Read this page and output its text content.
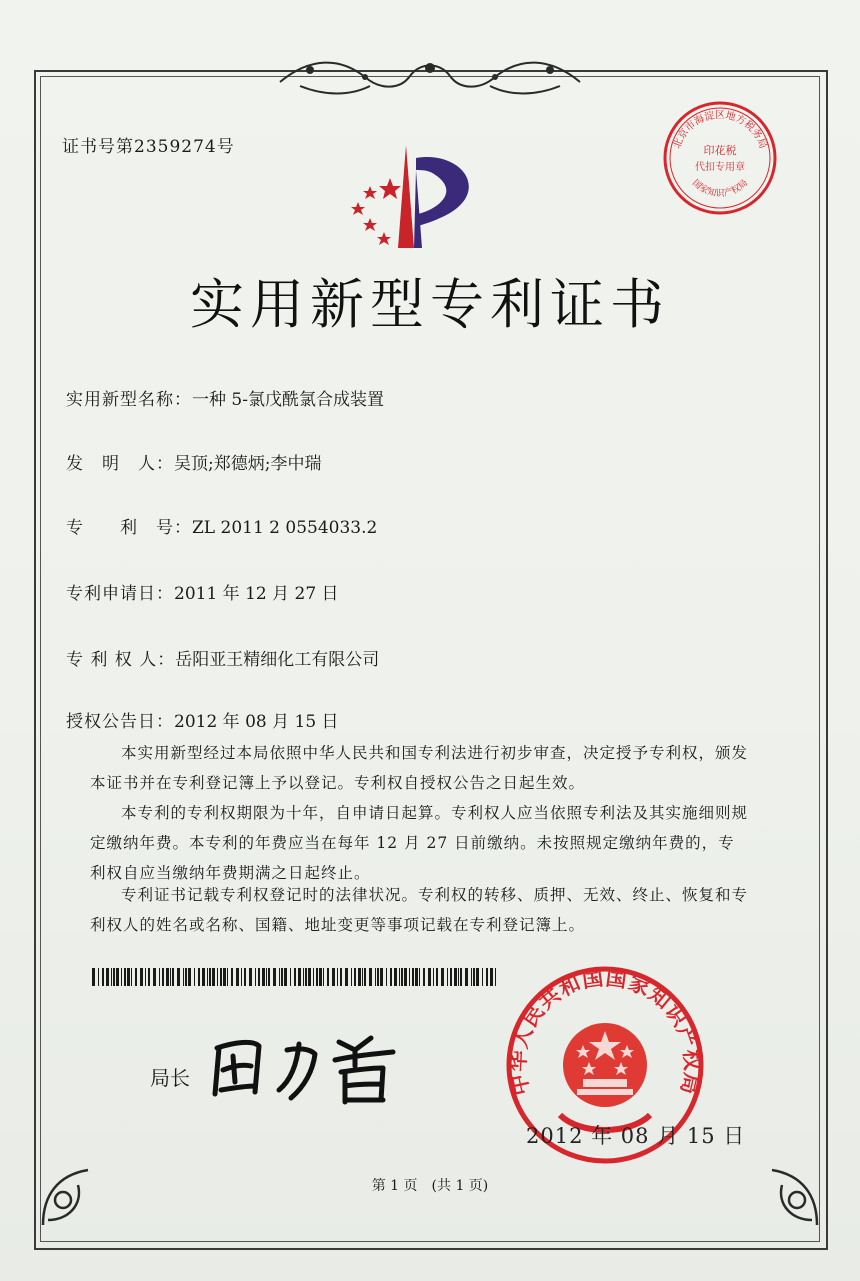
证书号第2359274号
实用新型专利证书
实用新型名称：一种 5-氯戊酰氯合成装置
发　明　人：吴顶;郑德炳;李中瑞
专　　利　号：ZL 2011 2 0554033.2
专利申请日：2011 年 12 月 27 日
专 利 权 人：岳阳亚王精细化工有限公司
授权公告日：2012 年 08 月 15 日
本实用新型经过本局依照中华人民共和国专利法进行初步审查，决定授予专利权，颁发本证书并在专利登记簿上予以登记。专利权自授权公告之日起生效。
本专利的专利权期限为十年，自申请日起算。专利权人应当依照专利法及其实施细则规定缴纳年费。本专利的年费应当在每年 12 月 27 日前缴纳。未按照规定缴纳年费的，专利权自应当缴纳年费期满之日起终止。
专利证书记载专利权登记时的法律状况。专利权的转移、质押、无效、终止、恢复和专利权人的姓名或名称、国籍、地址变更等事项记载在专利登记簿上。
局长
北京市海淀区地方税务局
印花税
代扣专用章
国家知识产权局
中华人民共和国国家知识产权局
2012 年 08 月 15 日
第 1 页　(共 1 页)
